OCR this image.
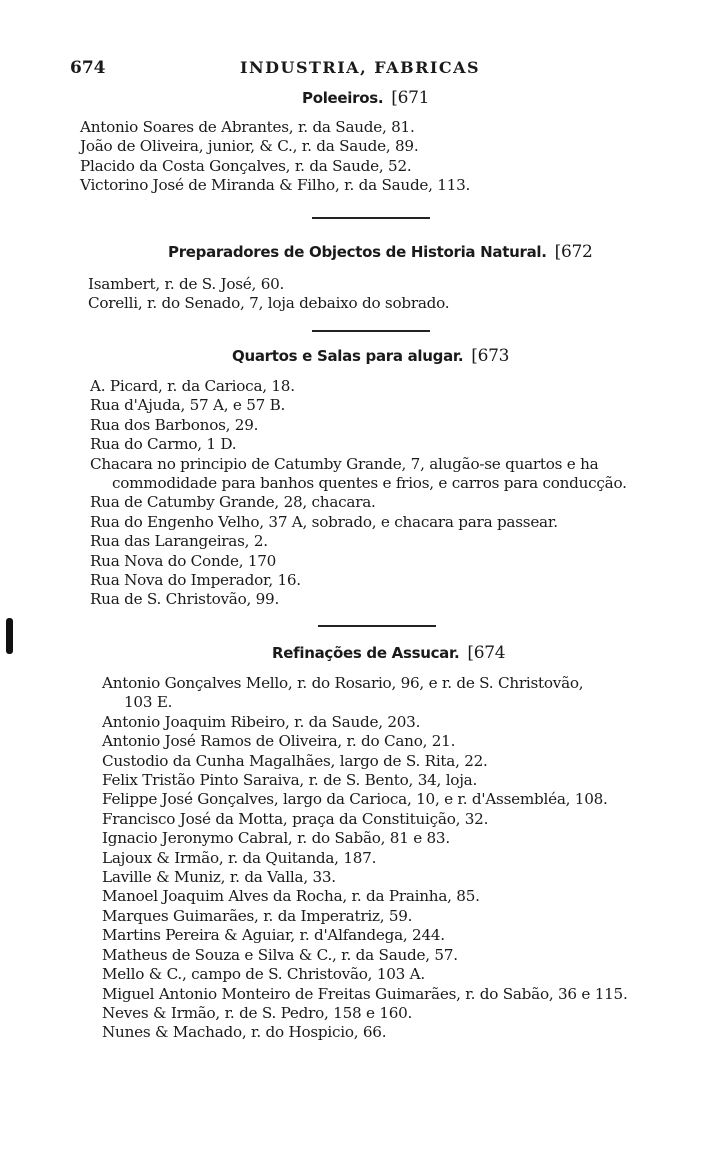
674	INDUSTRIA, FABRICAS
Poleeiros. [671
Antonio Soares de Abrantes, r. da Saude, 81.
João de Oliveira, junior, & C., r. da Saude, 89.
Placido da Costa Gonçalves, r. da Saude, 52.
Victorino José de Miranda & Filho, r. da Saude, 113.
Preparadores de Objectos de Historia Natural. [672
Isambert, r. de S. José, 60.
Corelli, r. do Senado, 7, loja debaixo do sobrado.
Quartos e Salas para alugar. [673
A. Picard, r. da Carioca, 18.
Rua d'Ajuda, 57 A, e 57 B.
Rua dos Barbonos, 29.
Rua do Carmo, 1 D.
Chacara no principio de Catumby Grande, 7, alugão-se quartos e ha
commodidade para banhos quentes e frios, e carros para conducção.
Rua de Catumby Grande, 28, chacara.
Rua do Engenho Velho, 37 A, sobrado, e chacara para passear.
Rua das Larangeiras, 2.
Rua Nova do Conde, 170
Rua Nova do Imperador, 16.
Rua de S. Christovão, 99.
Refinações de Assucar. [674
Antonio Gonçalves Mello, r. do Rosario, 96, e r. de S. Christovão,
103 E.
Antonio Joaquim Ribeiro, r. da Saude, 203.
Antonio José Ramos de Oliveira, r. do Cano, 21.
Custodio da Cunha Magalhães, largo de S. Rita, 22.
Felix Tristão Pinto Saraiva, r. de S. Bento, 34, loja.
Felippe José Gonçalves, largo da Carioca, 10, e r. d'Assembléa, 108.
Francisco José da Motta, praça da Constituição, 32.
Ignacio Jeronymo Cabral, r. do Sabão, 81 e 83.
Lajoux & Irmão, r. da Quitanda, 187.
Laville & Muniz, r. da Valla, 33.
Manoel Joaquim Alves da Rocha, r. da Prainha, 85.
Marques Guimarães, r. da Imperatriz, 59.
Martins Pereira & Aguiar, r. d'Alfandega, 244.
Matheus de Souza e Silva & C., r. da Saude, 57.
Mello & C., campo de S. Christovão, 103 A.
Miguel Antonio Monteiro de Freitas Guimarães, r. do Sabão, 36 e 115.
Neves & Irmão, r. de S. Pedro, 158 e 160.
Nunes & Machado, r. do Hospicio, 66.
